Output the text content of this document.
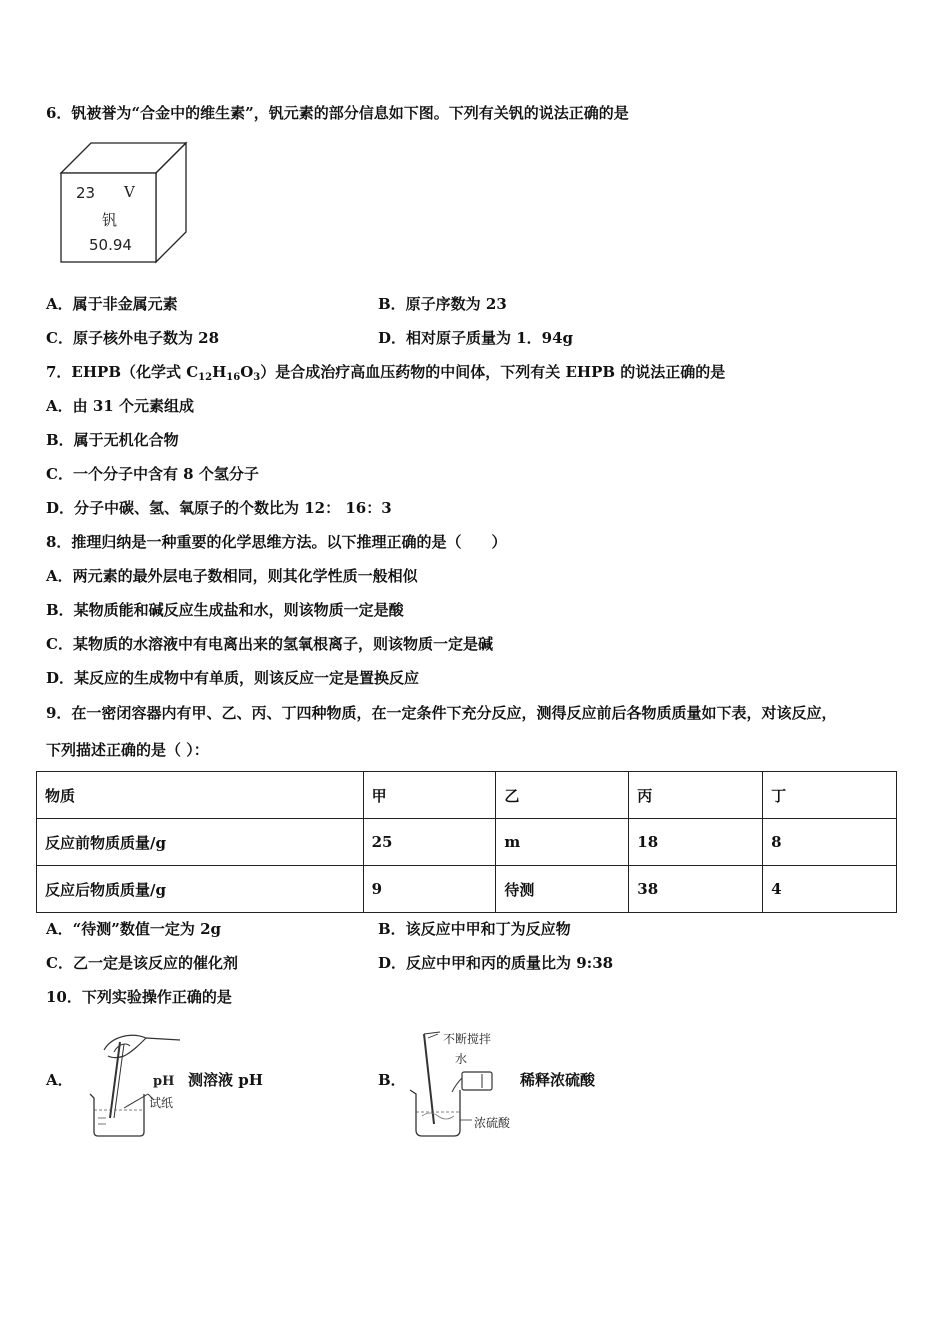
6．钒被誉为“合金中的维生素”，钒元素的部分信息如下图。下列有关钒的说法正确的是
23 V
钒
50.94
A．属于非金属元素	B．原子序数为 23
C．原子核外电子数为 28	D．相对原子质量为 1．94g
7．EHPB（化学式 $C_{12}H_{16}O_3$）是合成治疗高血压药物的中间体，下列有关 EHPB 的说法正确的是
A．由 31 个元素组成
B．属于无机化合物
C．一个分子中含有 8 个氢分子
D．分子中碳、氢、氧原子的个数比为 12： 16：3
8．推理归纳是一种重要的化学思维方法。以下推理正确的是（　　）
A．两元素的最外层电子数相同，则其化学性质一般相似
B．某物质能和碱反应生成盐和水，则该物质一定是酸
C．某物质的水溶液中有电离出来的氢氧根离子，则该物质一定是碱
D．某反应的生成物中有单质，则该反应一定是置换反应
9．在一密闭容器内有甲、乙、丙、丁四种物质，在一定条件下充分反应，测得反应前后各物质质量如下表，对该反应，
下列描述正确的是（ ）：
物质	甲	乙	丙	丁
反应前物质质量/g	25	m	18	8
反应后物质质量/g	9	待测	38	4
A．“待测”数值一定为 2g	B．该反应中甲和丁为反应物
C．乙一定是该反应的催化剂	D．反应中甲和丙的质量比为 9:38
10．下列实验操作正确的是
A．	pH
试纸
测溶液 pH	B．
不断搅拌
水
浓硫酸
稀释浓硫酸
